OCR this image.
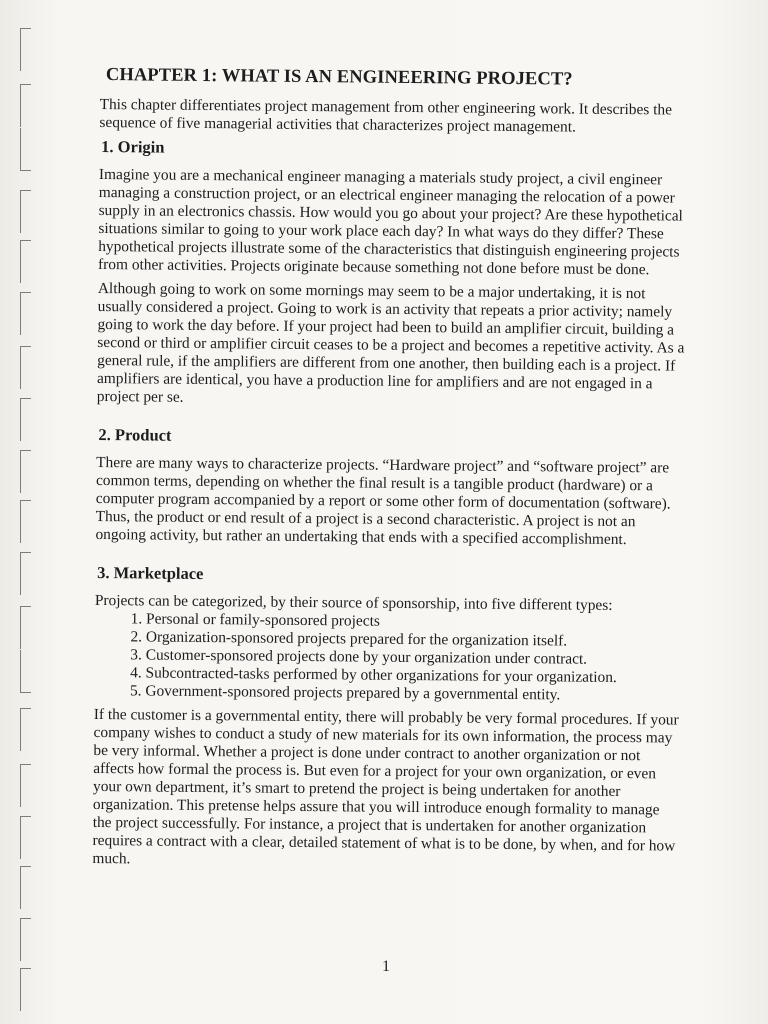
CHAPTER 1: WHAT IS AN ENGINEERING PROJECT?

This chapter differentiates project management from other engineering work. It describes the sequence of five managerial activities that characterizes project management.

1. Origin

Imagine you are a mechanical engineer managing a materials study project, a civil engineer managing a construction project, or an electrical engineer managing the relocation of a power supply in an electronics chassis. How would you go about your project? Are these hypothetical situations similar to going to your work place each day? In what ways do they differ? These hypothetical projects illustrate some of the characteristics that distinguish engineering projects from other activities. Projects originate because something not done before must be done.

Although going to work on some mornings may seem to be a major undertaking, it is not usually considered a project. Going to work is an activity that repeats a prior activity; namely going to work the day before. If your project had been to build an amplifier circuit, building a second or third or amplifier circuit ceases to be a project and becomes a repetitive activity. As a general rule, if the amplifiers are different from one another, then building each is a project. If amplifiers are identical, you have a production line for amplifiers and are not engaged in a project per se.

2. Product

There are many ways to characterize projects. “Hardware project” and “software project” are common terms, depending on whether the final result is a tangible product (hardware) or a computer program accompanied by a report or some other form of documentation (software). Thus, the product or end result of a project is a second characteristic. A project is not an ongoing activity, but rather an undertaking that ends with a specified accomplishment.

3. Marketplace

Projects can be categorized, by their source of sponsorship, into five different types:

1. Personal or family-sponsored projects
2. Organization-sponsored projects prepared for the organization itself.
3. Customer-sponsored projects done by your organization under contract.
4. Subcontracted-tasks performed by other organizations for your organization.
5. Government-sponsored projects prepared by a governmental entity.

If the customer is a governmental entity, there will probably be very formal procedures. If your company wishes to conduct a study of new materials for its own information, the process may be very informal. Whether a project is done under contract to another organization or not affects how formal the process is. But even for a project for your own organization, or even your own department, it’s smart to pretend the project is being undertaken for another organization. This pretense helps assure that you will introduce enough formality to manage the project successfully. For instance, a project that is undertaken for another organization requires a contract with a clear, detailed statement of what is to be done, by when, and for how much.

1
